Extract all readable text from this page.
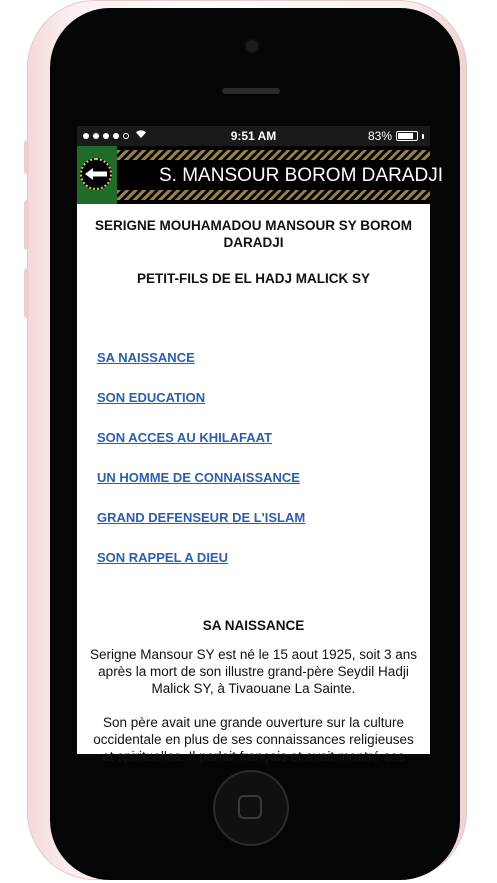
9:51 AM	83%
S. MANSOUR BOROM DARADJI
SERIGNE MOUHAMADOU MANSOUR SY BOROM DARADJI
PETIT-FILS DE EL HADJ MALICK SY
SA NAISSANCE
SON EDUCATION
SON ACCES AU KHILAFAAT
UN HOMME DE CONNAISSANCE
GRAND DEFENSEUR DE L'ISLAM
SON RAPPEL A DIEU
SA NAISSANCE
Serigne Mansour SY est né le 15 aout 1925, soit 3 ans après la mort de son illustre grand-père Seydil Hadji Malick SY, à Tivaouane La Sainte.
Son père avait une grande ouverture sur la culture occidentale en plus de ses connaissances religieuses et spirituelles. Il parlait français et avait montré ses
